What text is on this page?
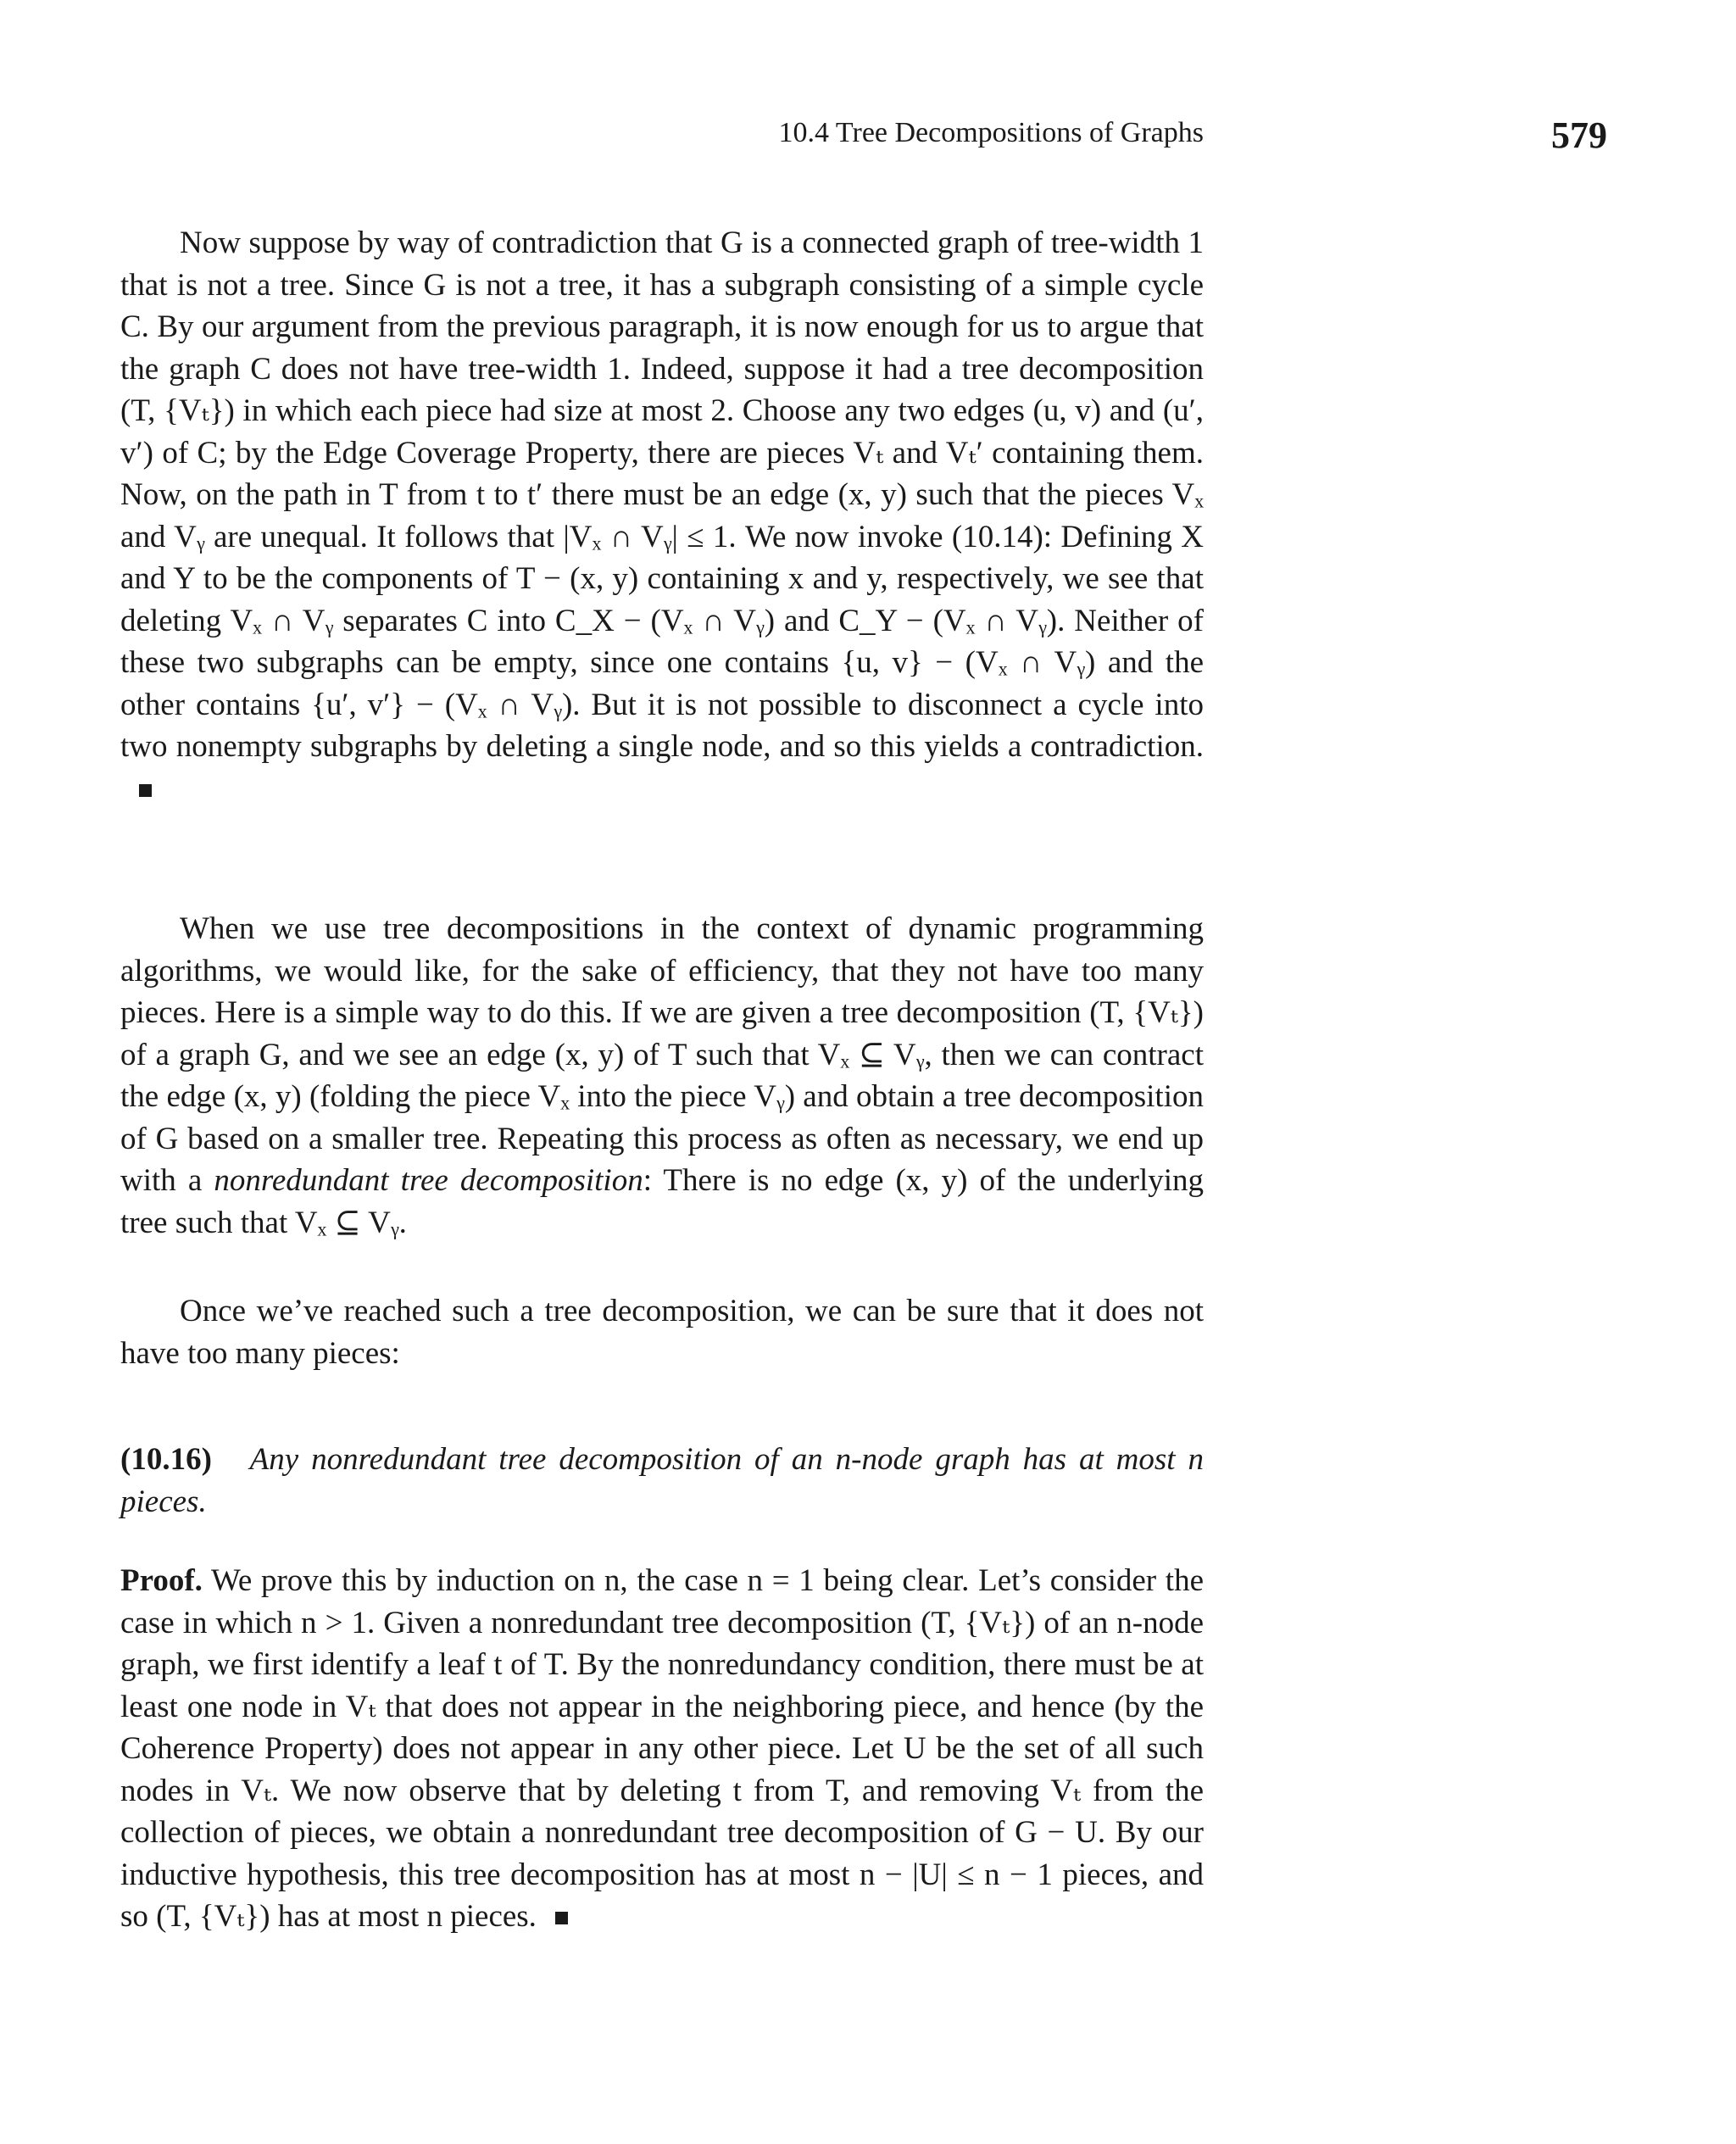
10.4 Tree Decompositions of Graphs	579

Now suppose by way of contradiction that G is a connected graph of tree-width 1 that is not a tree. Since G is not a tree, it has a subgraph consisting of a simple cycle C. By our argument from the previous paragraph, it is now enough for us to argue that the graph C does not have tree-width 1. Indeed, suppose it had a tree decomposition (T, {Vₜ}) in which each piece had size at most 2. Choose any two edges (u, v) and (u′, v′) of C; by the Edge Coverage Property, there are pieces Vₜ and Vₜ′ containing them. Now, on the path in T from t to t′ there must be an edge (x, y) such that the pieces Vₓ and Vᵧ are unequal. It follows that |Vₓ ∩ Vᵧ| ≤ 1. We now invoke (10.14): Defining X and Y to be the components of T − (x, y) containing x and y, respectively, we see that deleting Vₓ ∩ Vᵧ separates C into C_X − (Vₓ ∩ Vᵧ) and C_Y − (Vₓ ∩ Vᵧ). Neither of these two subgraphs can be empty, since one contains {u, v} − (Vₓ ∩ Vᵧ) and the other contains {u′, v′} − (Vₓ ∩ Vᵧ). But it is not possible to disconnect a cycle into two nonempty subgraphs by deleting a single node, and so this yields a contradiction.

When we use tree decompositions in the context of dynamic programming algorithms, we would like, for the sake of efficiency, that they not have too many pieces. Here is a simple way to do this. If we are given a tree decomposition (T, {Vₜ}) of a graph G, and we see an edge (x, y) of T such that Vₓ ⊆ Vᵧ, then we can contract the edge (x, y) (folding the piece Vₓ into the piece Vᵧ) and obtain a tree decomposition of G based on a smaller tree. Repeating this process as often as necessary, we end up with a nonredundant tree decomposition: There is no edge (x, y) of the underlying tree such that Vₓ ⊆ Vᵧ.

Once we’ve reached such a tree decomposition, we can be sure that it does not have too many pieces:

(10.16) Any nonredundant tree decomposition of an n-node graph has at most n pieces.

Proof. We prove this by induction on n, the case n = 1 being clear. Let’s consider the case in which n > 1. Given a nonredundant tree decomposition (T, {Vₜ}) of an n-node graph, we first identify a leaf t of T. By the nonredundancy condition, there must be at least one node in Vₜ that does not appear in the neighboring piece, and hence (by the Coherence Property) does not appear in any other piece. Let U be the set of all such nodes in Vₜ. We now observe that by deleting t from T, and removing Vₜ from the collection of pieces, we obtain a nonredundant tree decomposition of G − U. By our inductive hypothesis, this tree decomposition has at most n − |U| ≤ n − 1 pieces, and so (T, {Vₜ}) has at most n pieces.
